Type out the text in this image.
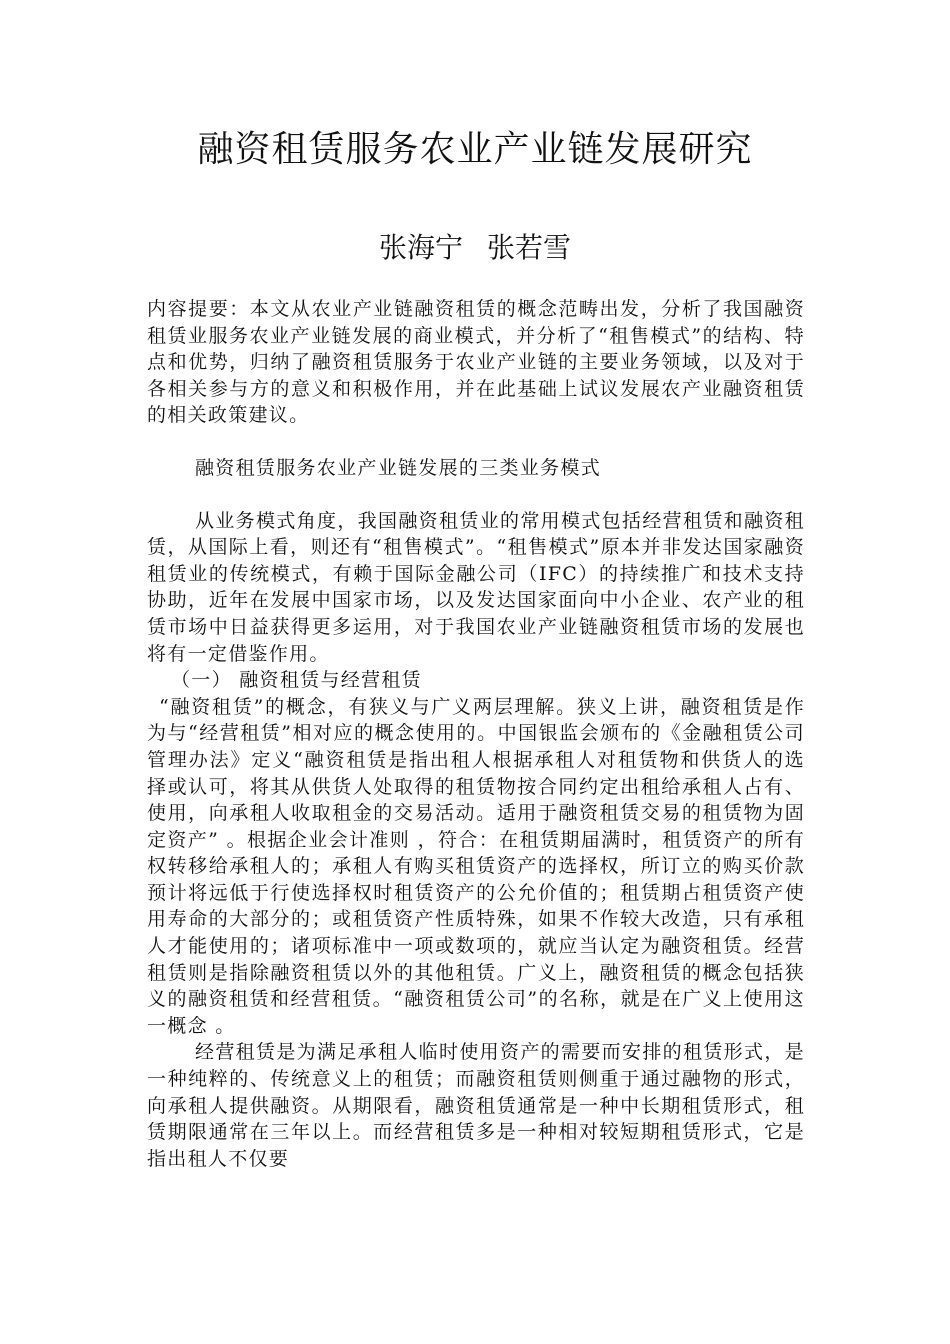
融资租赁服务农业产业链发展研究
张海宁 张若雪

内容提要：本文从农业产业链融资租赁的概念范畴出发，分析了我国融资租赁业服务农业产业链发展的商业模式，并分析了“租售模式”的结构、特点和优势，归纳了融资租赁服务于农业产业链的主要业务领域，以及对于各相关参与方的意义和积极作用，并在此基础上试议发展农产业融资租赁的相关政策建议。

融资租赁服务农业产业链发展的三类业务模式

从业务模式角度，我国融资租赁业的常用模式包括经营租赁和融资租赁，从国际上看，则还有“租售模式”。“租售模式”原本并非发达国家融资租赁业的传统模式，有赖于国际金融公司（IFC）的持续推广和技术支持协助，近年在发展中国家市场，以及发达国家面向中小企业、农产业的租赁市场中日益获得更多运用，对于我国农业产业链融资租赁市场的发展也将有一定借鉴作用。

（一） 融资租赁与经营租赁

“融资租赁”的概念，有狭义与广义两层理解。狭义上讲，融资租赁是作为与“经营租赁”相对应的概念使用的。中国银监会颁布的《金融租赁公司管理办法》定义“融资租赁是指出租人根据承租人对租赁物和供货人的选择或认可，将其从供货人处取得的租赁物按合同约定出租给承租人占有、使用，向承租人收取租金的交易活动。适用于融资租赁交易的租赁物为固定资产” 。根据企业会计准则 ，符合：在租赁期届满时，租赁资产的所有权转移给承租人的；承租人有购买租赁资产的选择权，所订立的购买价款预计将远低于行使选择权时租赁资产的公允价值的；租赁期占租赁资产使用寿命的大部分的；或租赁资产性质特殊，如果不作较大改造，只有承租人才能使用的；诸项标准中一项或数项的，就应当认定为融资租赁。经营租赁则是指除融资租赁以外的其他租赁。广义上，融资租赁的概念包括狭义的融资租赁和经营租赁。“融资租赁公司”的名称，就是在广义上使用这一概念 。

经营租赁是为满足承租人临时使用资产的需要而安排的租赁形式，是一种纯粹的、传统意义上的租赁；而融资租赁则侧重于通过融物的形式，向承租人提供融资。从期限看，融资租赁通常是一种中长期租赁形式，租赁期限通常在三年以上。而经营租赁多是一种相对较短期租赁形式，它是指出租人不仅要
